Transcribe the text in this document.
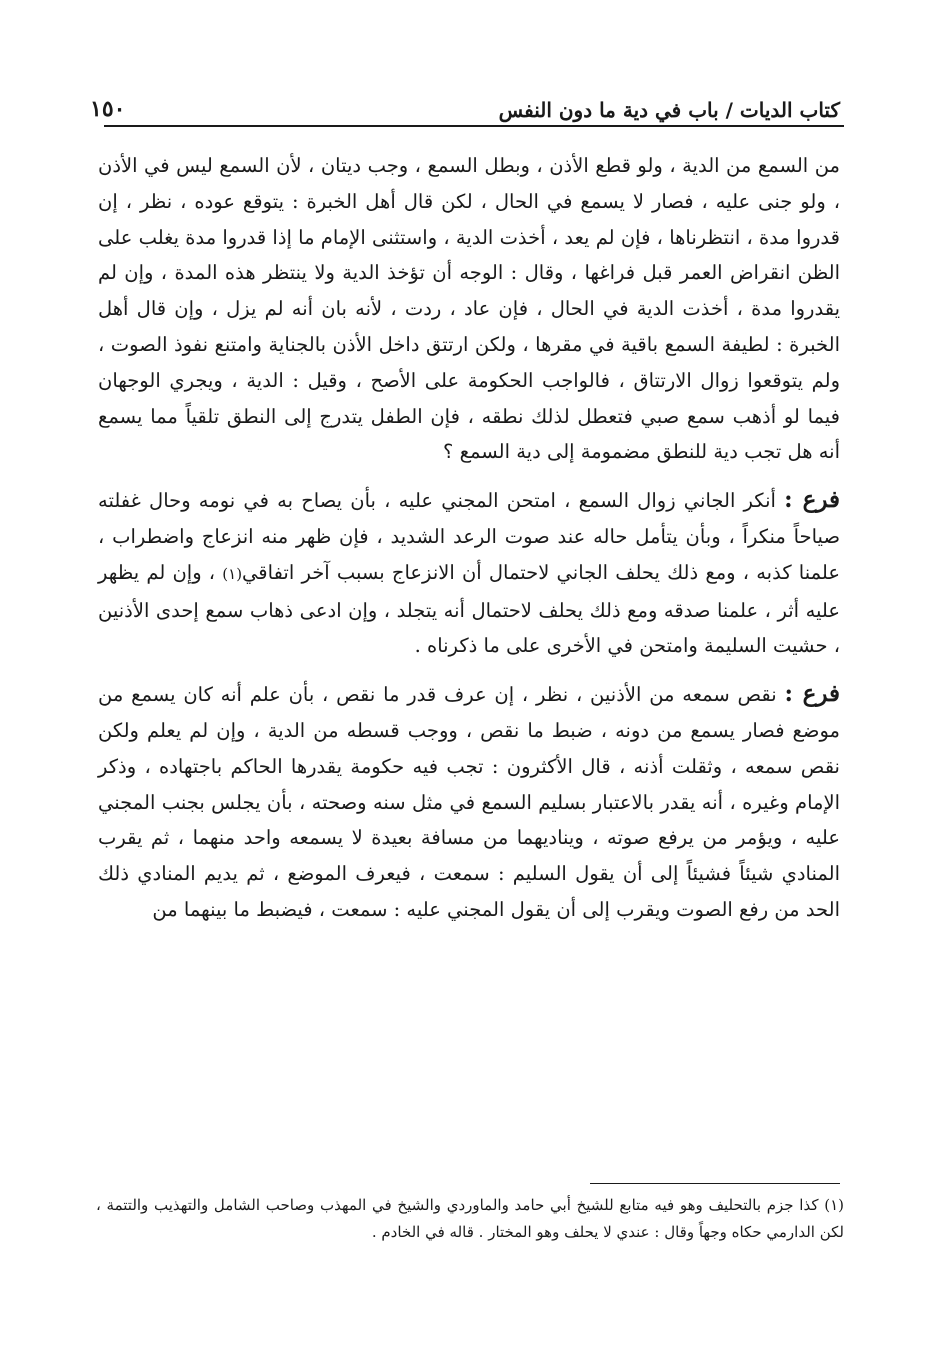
كتاب الديات / باب في دية ما دون النفس
١٥٠

من السمع من الدية ، ولو قطع الأذن ، وبطل السمع ، وجب ديتان ، لأن السمع ليس في الأذن ، ولو جنى عليه ، فصار لا يسمع في الحال ، لكن قال أهل الخبرة : يتوقع عوده ، نظر ، إن قدروا مدة ، انتظرناها ، فإن لم يعد ، أخذت الدية ، واستثنى الإمام ما إذا قدروا مدة يغلب على الظن انقراض العمر قبل فراغها ، وقال : الوجه أن تؤخذ الدية ولا ينتظر هذه المدة ، وإن لم يقدروا مدة ، أخذت الدية في الحال ، فإن عاد ، ردت ، لأنه بان أنه لم يزل ، وإن قال أهل الخبرة : لطيفة السمع باقية في مقرها ، ولكن ارتتق داخل الأذن بالجناية وامتنع نفوذ الصوت ، ولم يتوقعوا زوال الارتتاق ، فالواجب الحكومة على الأصح ، وقيل : الدية ، ويجري الوجهان فيما لو أذهب سمع صبي فتعطل لذلك نطقه ، فإن الطفل يتدرج إلى النطق تلقياً مما يسمع أنه هل تجب دية للنطق مضمومة إلى دية السمع ؟

فرع : أنكر الجاني زوال السمع ، امتحن المجني عليه ، بأن يصاح به في نومه وحال غفلته صياحاً منكراً ، وبأن يتأمل حاله عند صوت الرعد الشديد ، فإن ظهر منه انزعاج واضطراب ، علمنا كذبه ، ومع ذلك يحلف الجاني لاحتمال أن الانزعاج بسبب آخر اتفاقي(١) ، وإن لم يظهر عليه أثر ، علمنا صدقه ومع ذلك يحلف لاحتمال أنه يتجلد ، وإن ادعى ذهاب سمع إحدى الأذنين ، حشيت السليمة وامتحن في الأخرى على ما ذكرناه .

فرع : نقص سمعه من الأذنين ، نظر ، إن عرف قدر ما نقص ، بأن علم أنه كان يسمع من موضع فصار يسمع من دونه ، ضبط ما نقص ، ووجب قسطه من الدية ، وإن لم يعلم ولكن نقص سمعه ، وثقلت أذنه ، قال الأكثرون : تجب فيه حكومة يقدرها الحاكم باجتهاده ، وذكر الإمام وغيره ، أنه يقدر بالاعتبار بسليم السمع في مثل سنه وصحته ، بأن يجلس بجنب المجني عليه ، ويؤمر من يرفع صوته ، ويناديهما من مسافة بعيدة لا يسمعه واحد منهما ، ثم يقرب المنادي شيئاً فشيئاً إلى أن يقول السليم : سمعت ، فيعرف الموضع ، ثم يديم المنادي ذلك الحد من رفع الصوت ويقرب إلى أن يقول المجني عليه : سمعت ، فيضبط ما بينهما من

(١) كذا جزم بالتحليف وهو فيه متابع للشيخ أبي حامد والماوردي والشيخ في المهذب وصاحب الشامل والتهذيب والتتمة ، لكن الدارمي حكاه وجهاً وقال : عندي لا يحلف وهو المختار . قاله في الخادم .
